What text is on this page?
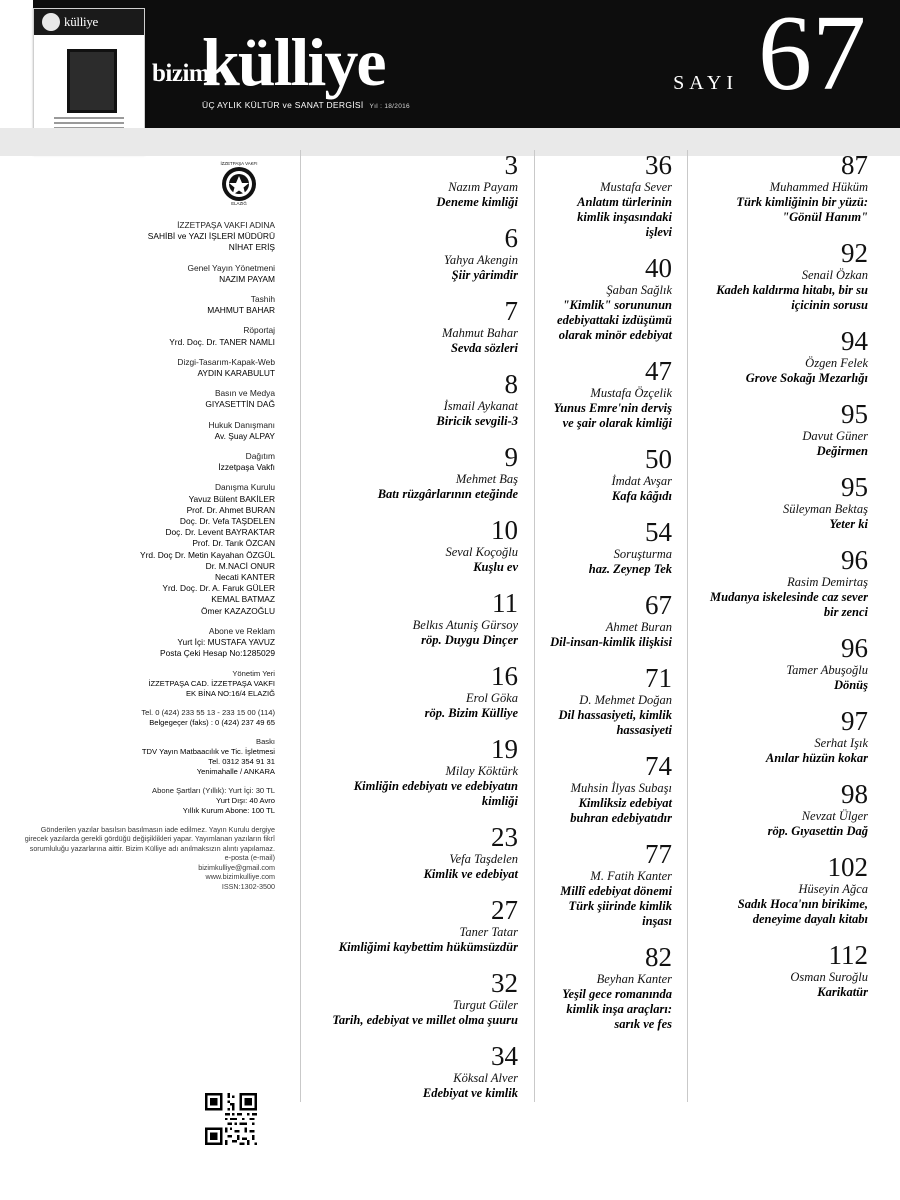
külliye
bizim
külliye
ÜÇ AYLIK KÜLTÜR ve SANAT DERGİSİ Yıl : 18/2016
SAYI 67
İZZETPAŞA VAKFI
ELAZIĞ
İZZETPAŞA VAKFI ADINA
SAHİBİ ve YAZI İŞLERİ MÜDÜRÜ
NİHAT ERİŞ
Genel Yayın Yönetmeni
NAZIM PAYAM
Tashih
MAHMUT BAHAR
Röportaj
Yrd. Doç. Dr. TANER NAMLI
Dizgi-Tasarım-Kapak-Web
AYDIN KARABULUT
Basın ve Medya
GIYASETTİN DAĞ
Hukuk Danışmanı
Av. Şuay ALPAY
Dağıtım
İzzetpaşa Vakfı
Danışma Kurulu
Yavuz Bülent BAKİLER
Prof. Dr. Ahmet BURAN
Doç. Dr. Vefa TAŞDELEN
Doç. Dr. Levent BAYRAKTAR
Prof. Dr. Tarık ÖZCAN
Yrd. Doç Dr. Metin Kayahan ÖZGÜL
Dr. M.NACİ ONUR
Necati KANTER
Yrd. Doç. Dr. A. Faruk GÜLER
KEMAL BATMAZ
Ömer KAZAZOĞLU
Abone ve Reklam
Yurt İçi: MUSTAFA YAVUZ
Posta Çeki Hesap No:1285029
Yönetim Yeri
İZZETPAŞA CAD. İZZETPAŞA VAKFI
EK BİNA NO:16/4 ELAZIĞ
Tel. 0 (424) 233 55 13 - 233 15 00 (114)
Belgegeçer (faks) : 0 (424) 237 49 65
Baskı
TDV Yayın Matbaacılık ve Tic. İşletmesi
Tel. 0312 354 91 31
Yenimahalle / ANKARA
Abone Şartları (Yıllık): Yurt İçi: 30 TL
Yurt Dışı: 40 Avro
Yıllık Kurum Abone: 100 TL
Gönderilen yazılar basılsın basılmasın iade edilmez. Yayın Kurulu dergiye girecek yazılarda gerekli gördüğü değişiklikleri yapar. Yayımlanan yazıların fikrî sorumluluğu yazarlarına aittir. Bizim Külliye adı anılmaksızın alıntı yapılamaz.
e-posta (e-mail)
bizimkulliye@gmail.com
www.bizimkulliye.com
ISSN:1302-3500
3
Nazım Payam
Deneme kimliği
6
Yahya Akengin
Şiir yârimdir
7
Mahmut Bahar
Sevda sözleri
8
İsmail Aykanat
Biricik sevgili-3
9
Mehmet Baş
Batı rüzgârlarının eteğinde
10
Seval Koçoğlu
Kuşlu ev
11
Belkıs Atuniş Gürsoy
röp. Duygu Dinçer
16
Erol Göka
röp. Bizim Külliye
19
Milay Köktürk
Kimliğin edebiyatı ve edebiyatın kimliği
23
Vefa Taşdelen
Kimlik ve edebiyat
27
Taner Tatar
Kimliğimi kaybettim hükümsüzdür
32
Turgut Güler
Tarih, edebiyat ve millet olma şuuru
34
Köksal Alver
Edebiyat ve kimlik
36
Mustafa Sever
Anlatım türlerinin kimlik inşasındaki işlevi
40
Şaban Sağlık
"Kimlik" sorununun edebiyattaki izdüşümü olarak minör edebiyat
47
Mustafa Özçelik
Yunus Emre'nin derviş ve şair olarak kimliği
50
İmdat Avşar
Kafa kâğıdı
54
Soruşturma
haz. Zeynep Tek
67
Ahmet Buran
Dil-insan-kimlik ilişkisi
71
D. Mehmet Doğan
Dil hassasiyeti, kimlik hassasiyeti
74
Muhsin İlyas Subaşı
Kimliksiz edebiyat buhran edebiyatıdır
77
M. Fatih Kanter
Millî edebiyat dönemi Türk şiirinde kimlik inşası
82
Beyhan Kanter
Yeşil gece romanında kimlik inşa araçları: sarık ve fes
87
Muhammed Hüküm
Türk kimliğinin bir yüzü: "Gönül Hanım"
92
Senail Özkan
Kadeh kaldırma hitabı, bir su içicinin sorusu
94
Özgen Felek
Grove Sokağı Mezarlığı
95
Davut Güner
Değirmen
95
Süleyman Bektaş
Yeter ki
96
Rasim Demirtaş
Mudanya iskelesinde caz sever bir zenci
96
Tamer Abuşoğlu
Dönüş
97
Serhat Işık
Anılar hüzün kokar
98
Nevzat Ülger
röp. Gıyasettin Dağ
102
Hüseyin Ağca
Sadık Hoca'nın birikime, deneyime dayalı kitabı
112
Osman Suroğlu
Karikatür
